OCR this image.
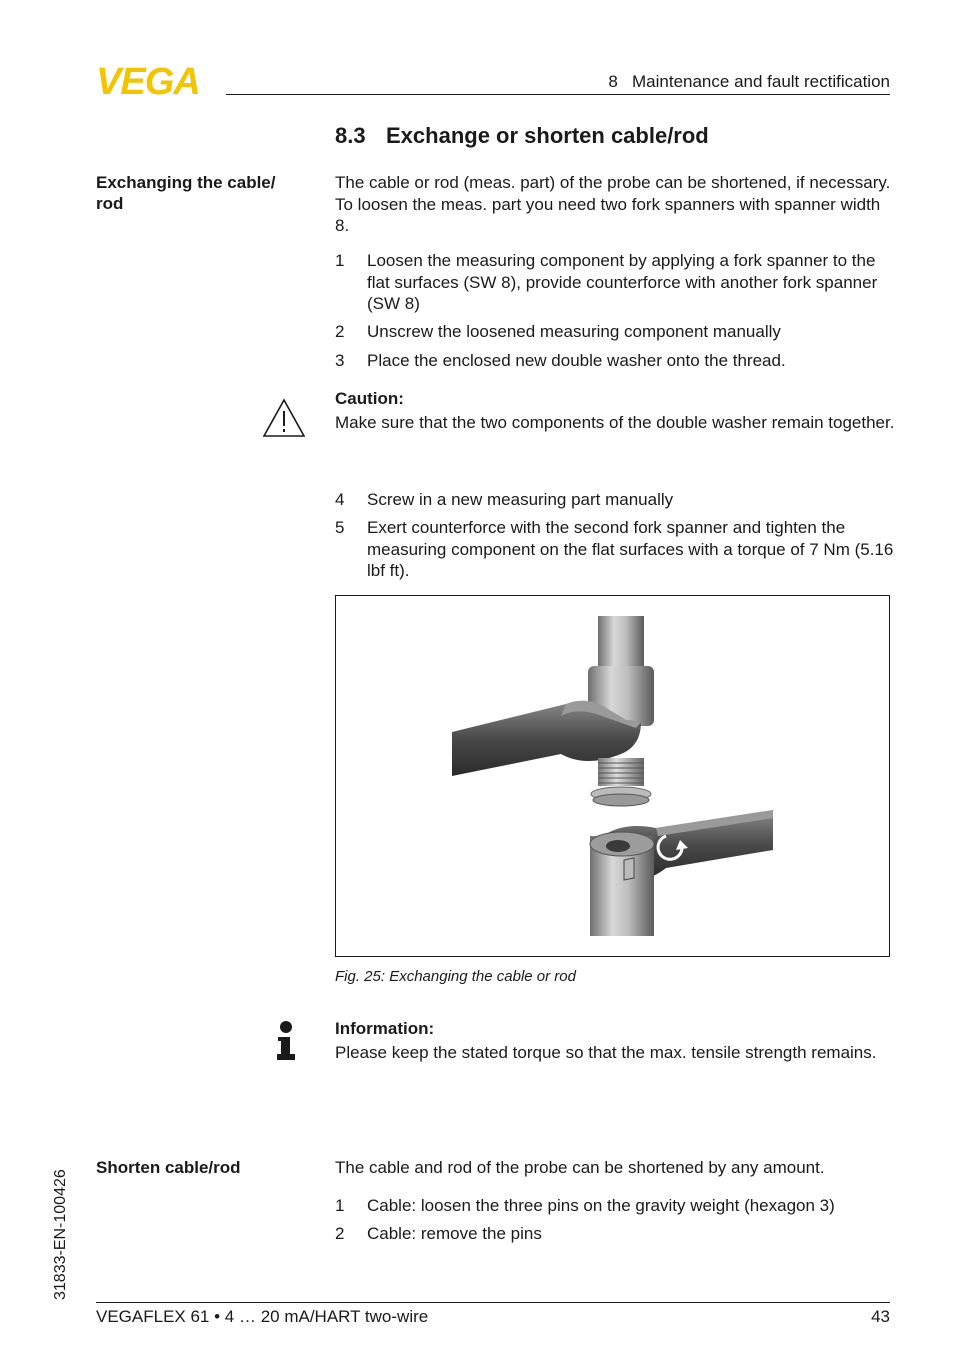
VEGA	8   Maintenance and fault rectification
8.3 Exchange or shorten cable/rod
Exchanging the cable/ rod
The cable or rod (meas. part) of the probe can be shortened, if necessary. To loosen the meas. part you need two fork spanners with spanner width 8.
1 Loosen the measuring component by applying a fork spanner to the flat surfaces (SW 8), provide counterforce with another fork spanner (SW 8)
2 Unscrew the loosened measuring component manually
3 Place the enclosed new double washer onto the thread.
Caution:
Make sure that the two components of the double washer remain together.
4 Screw in a new measuring part manually
5 Exert counterforce with the second fork spanner and tighten the measuring component on the flat surfaces with a torque of 7 Nm (5.16 lbf ft).
Fig. 25: Exchanging the cable or rod
Information:
Please keep the stated torque so that the max. tensile strength remains.
Shorten cable/rod	The cable and rod of the probe can be shortened by any amount.
1 Cable: loosen the three pins on the gravity weight (hexagon 3)
2 Cable: remove the pins
31833-EN-100426
VEGAFLEX 61 • 4 … 20 mA/HART two-wire	43
